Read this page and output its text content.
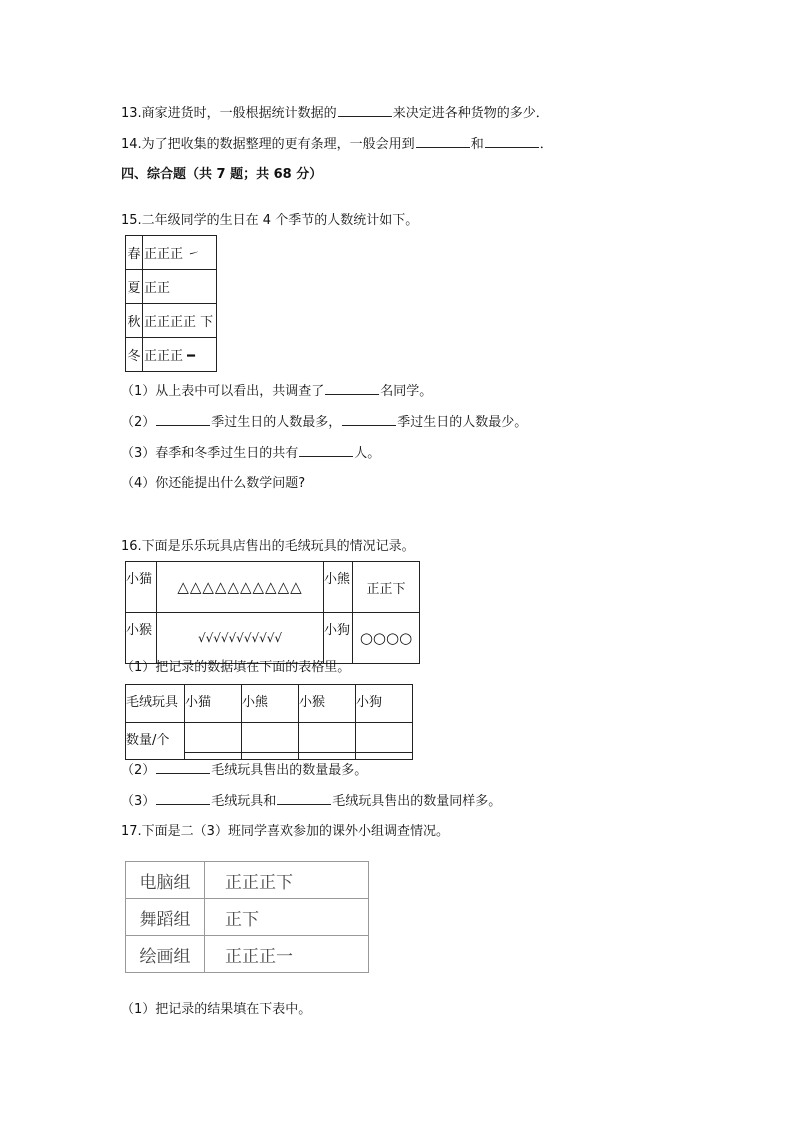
13.商家进货时，一般根据统计数据的	来决定进各种货物的多少．
14.为了把收集的数据整理的更有条理，一般会用到	和	．
四、综合题（共 7 题；共 68 分）
15.二年级同学的生日在 4 个季节的人数统计如下。
春	正正正 ㇀
夏	正正
秋	正正正正 下
冬	正正正 ━
（1）从上表中可以看出，共调查了	名同学。
（2）	季过生日的人数最多，	季过生日的人数最少。
（3）春季和冬季过生日的共有	人。
（4）你还能提出什么数学问题?
16.下面是乐乐玩具店售出的毛绒玩具的情况记录。
小猫	△△△△△△△△△△	小熊	正正下
小猴	√√√√√√√√√√√	小狗	○○○○
（1）把记录的数据填在下面的表格里。
毛绒玩具	小猫	小熊	小猴	小狗
数量/个				

（2）	毛绒玩具售出的数量最多。
（3）	毛绒玩具和	毛绒玩具售出的数量同样多。
17.下面是二（3）班同学喜欢参加的课外小组调查情况。
电脑组	正正正下
舞蹈组	正下
绘画组	正正正一
（1）把记录的结果填在下表中。
